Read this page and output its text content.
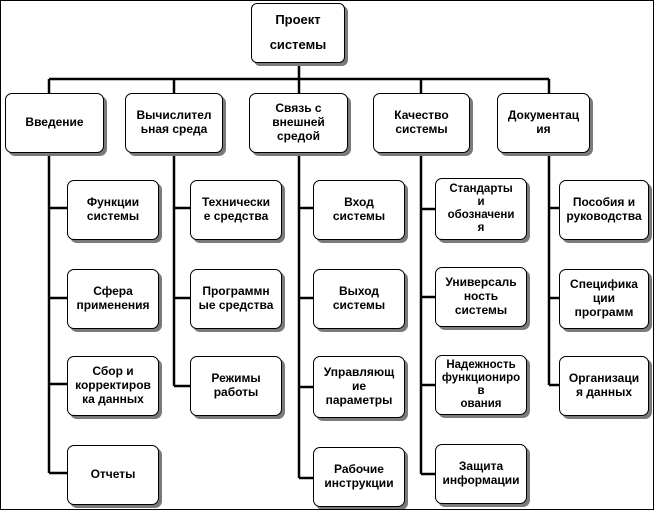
Проект
системы
Введение	Вычислител
ьная среда
Связь с
внешней
средой
Качество
системы
Документац
ия
Функции
системы
Сфера
применения
Сбор и
корректиров
ка данных
Отчеты
Технически
е средства
Программн
ые средства
Режимы
работы
Вход
системы
Выход
системы
Управляющ
ие
параметры
Рабочие
инструкции
Стандарты
и
обозначени
я
Универсаль
ность
системы
Надежность
функциониров
ования
Защита
информации
Пособия и
руководства
Специфика
ции
программ
Организаци
я данных
